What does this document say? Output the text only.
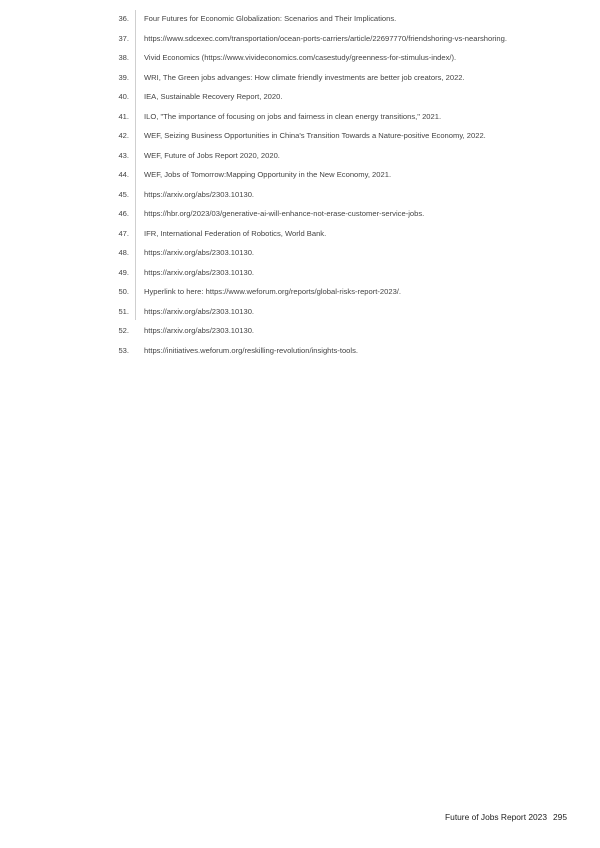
36. Four Futures for Economic Globalization: Scenarios and Their Implications.
37. https://www.sdcexec.com/transportation/ocean-ports-carriers/article/22697770/friendshoring-vs-nearshoring.
38. Vivid Economics (https://www.vivideconomics.com/casestudy/greenness-for-stimulus-index/).
39. WRI, The Green jobs advanges: How climate friendly investments are better job creators, 2022.
40. IEA, Sustainable Recovery Report, 2020.
41. ILO, "The importance of focusing on jobs and fairness in clean energy transitions," 2021.
42. WEF, Seizing Business Opportunities in China's Transition Towards a Nature-positive Economy, 2022.
43. WEF, Future of Jobs Report 2020, 2020.
44. WEF, Jobs of Tomorrow:Mapping Opportunity in the New Economy, 2021.
45. https://arxiv.org/abs/2303.10130.
46. https://hbr.org/2023/03/generative-ai-will-enhance-not-erase-customer-service-jobs.
47. IFR, International Federation of Robotics, World Bank.
48. https://arxiv.org/abs/2303.10130.
49. https://arxiv.org/abs/2303.10130.
50. Hyperlink to here: https://www.weforum.org/reports/global-risks-report-2023/.
51. https://arxiv.org/abs/2303.10130.
52. https://arxiv.org/abs/2303.10130.
53. https://initiatives.weforum.org/reskilling-revolution/insights-tools.
Future of Jobs Report 2023 295
